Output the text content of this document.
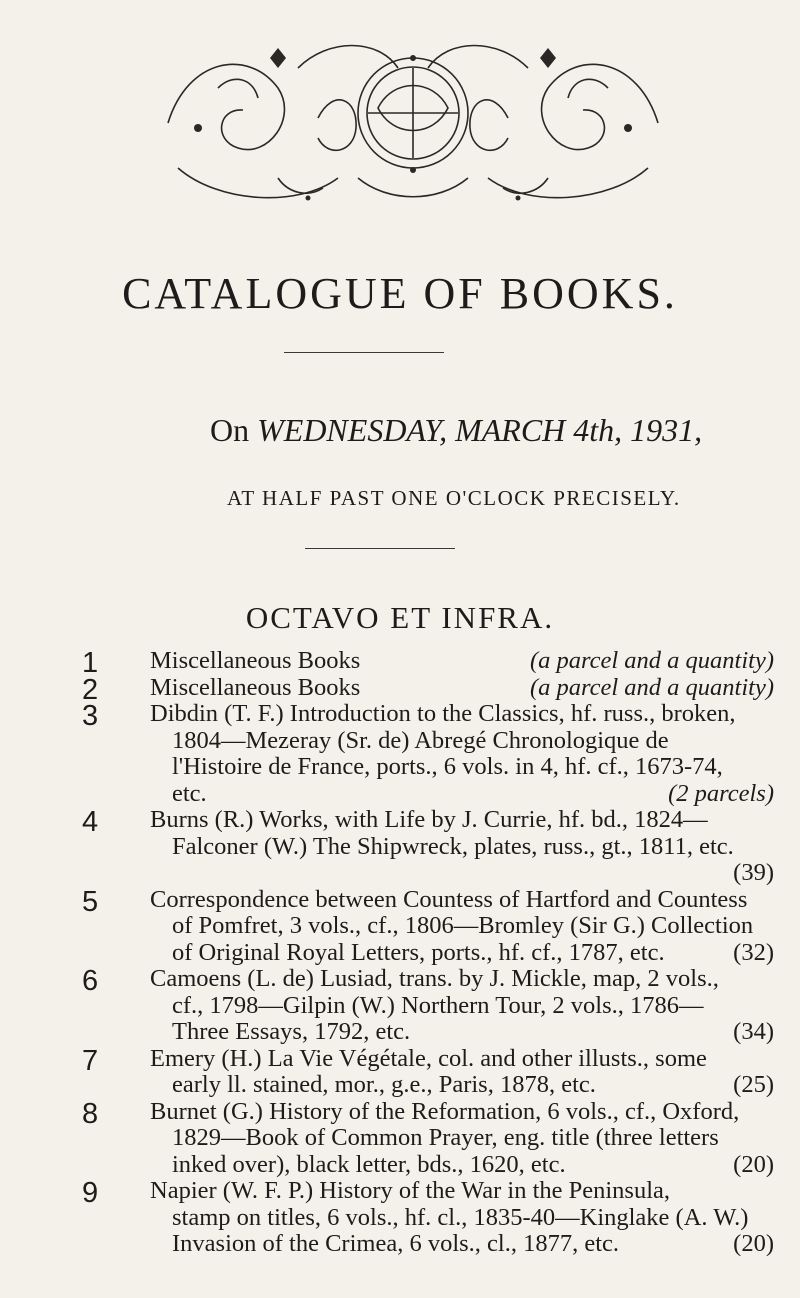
CATALOGUE OF BOOKS.
On WEDNESDAY, MARCH 4th, 1931,
AT HALF PAST ONE O'CLOCK PRECISELY.
OCTAVO ET INFRA.
1 Miscellaneous Books	(a parcel and a quantity)
2 Miscellaneous Books	(a parcel and a quantity)
3 Dibdin (T. F.) Introduction to the Classics, hf. russ., broken,
1804—Mezeray (Sr. de) Abregé Chronologique de
l'Histoire de France, ports., 6 vols. in 4, hf. cf., 1673-74,
etc.	(2 parcels)
4 Burns (R.) Works, with Life by J. Currie, hf. bd., 1824—
Falconer (W.) The Shipwreck, plates, russ., gt., 1811, etc.
(39)
5 Correspondence between Countess of Hartford and Countess
of Pomfret, 3 vols., cf., 1806—Bromley (Sir G.) Collection
of Original Royal Letters, ports., hf. cf., 1787, etc.	(32)
6 Camoens (L. de) Lusiad, trans. by J. Mickle, map, 2 vols.,
cf., 1798—Gilpin (W.) Northern Tour, 2 vols., 1786—
Three Essays, 1792, etc.	(34)
7 Emery (H.) La Vie Végétale, col. and other illusts., some
early ll. stained, mor., g.e., Paris, 1878, etc.	(25)
8 Burnet (G.) History of the Reformation, 6 vols., cf., Oxford,
1829—Book of Common Prayer, eng. title (three letters
inked over), black letter, bds., 1620, etc.	(20)
9 Napier (W. F. P.) History of the War in the Peninsula,
stamp on titles, 6 vols., hf. cl., 1835-40—Kinglake (A. W.)
Invasion of the Crimea, 6 vols., cl., 1877, etc.	(20)
